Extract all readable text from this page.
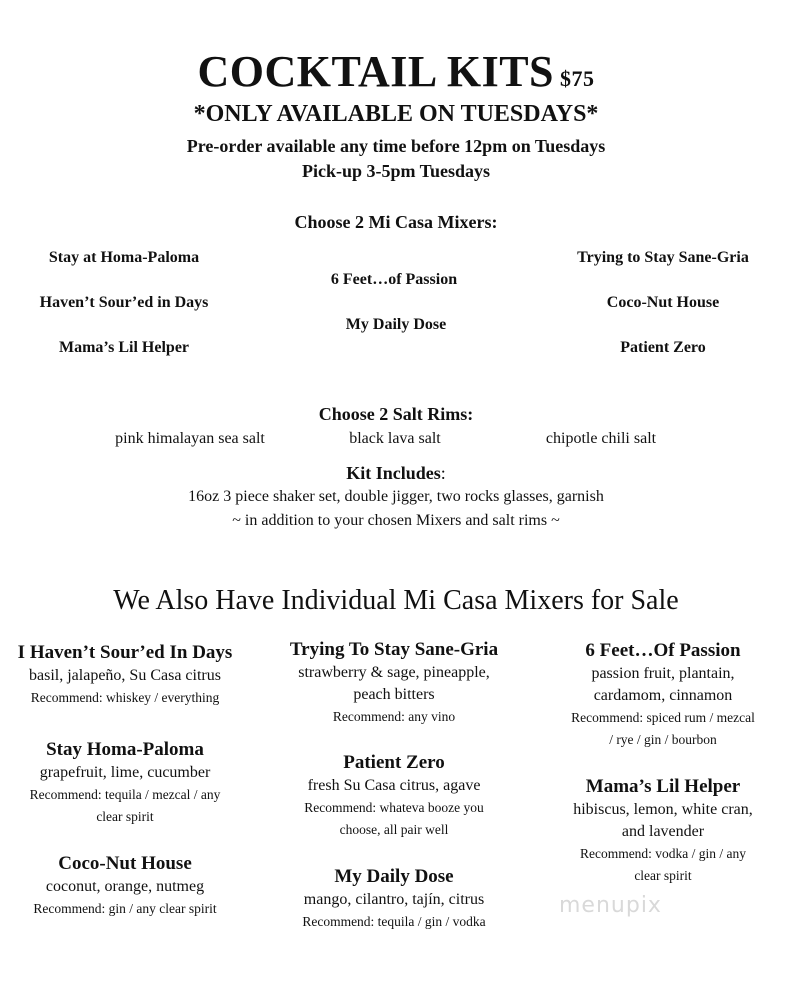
COCKTAIL KITS $75
*ONLY AVAILABLE ON TUESDAYS*
Pre-order available any time before 12pm on Tuesdays
Pick-up 3-5pm Tuesdays
Choose 2 Mi Casa Mixers:
Stay at Homa-Paloma
Haven’t Sour’ed in Days
Mama’s Lil Helper
6 Feet…of Passion
My Daily Dose
Trying to Stay Sane-Gria
Coco-Nut House
Patient Zero
Choose 2 Salt Rims:
pink himalayan sea salt	black lava salt	chipotle chili salt
Kit Includes:
16oz 3 piece shaker set, double jigger, two rocks glasses, garnish
~ in addition to your chosen Mixers and salt rims ~
We Also Have Individual Mi Casa Mixers for Sale
I Haven’t Sour’ed In Days
basil, jalapeño, Su Casa citrus
Recommend: whiskey / everything
Stay Homa-Paloma
grapefruit, lime, cucumber
Recommend: tequila / mezcal / any
clear spirit
Coco-Nut House
coconut, orange, nutmeg
Recommend: gin / any clear spirit
Trying To Stay Sane-Gria
strawberry & sage, pineapple,
peach bitters
Recommend: any vino
Patient Zero
fresh Su Casa citrus, agave
Recommend: whateva booze you
choose, all pair well
My Daily Dose
mango, cilantro, tajín, citrus
Recommend: tequila / gin / vodka
6 Feet…Of Passion
passion fruit, plantain,
cardamom, cinnamon
Recommend: spiced rum / mezcal
/ rye / gin / bourbon
Mama’s Lil Helper
hibiscus, lemon, white cran,
and lavender
Recommend: vodka / gin / any
clear spirit
menupix
